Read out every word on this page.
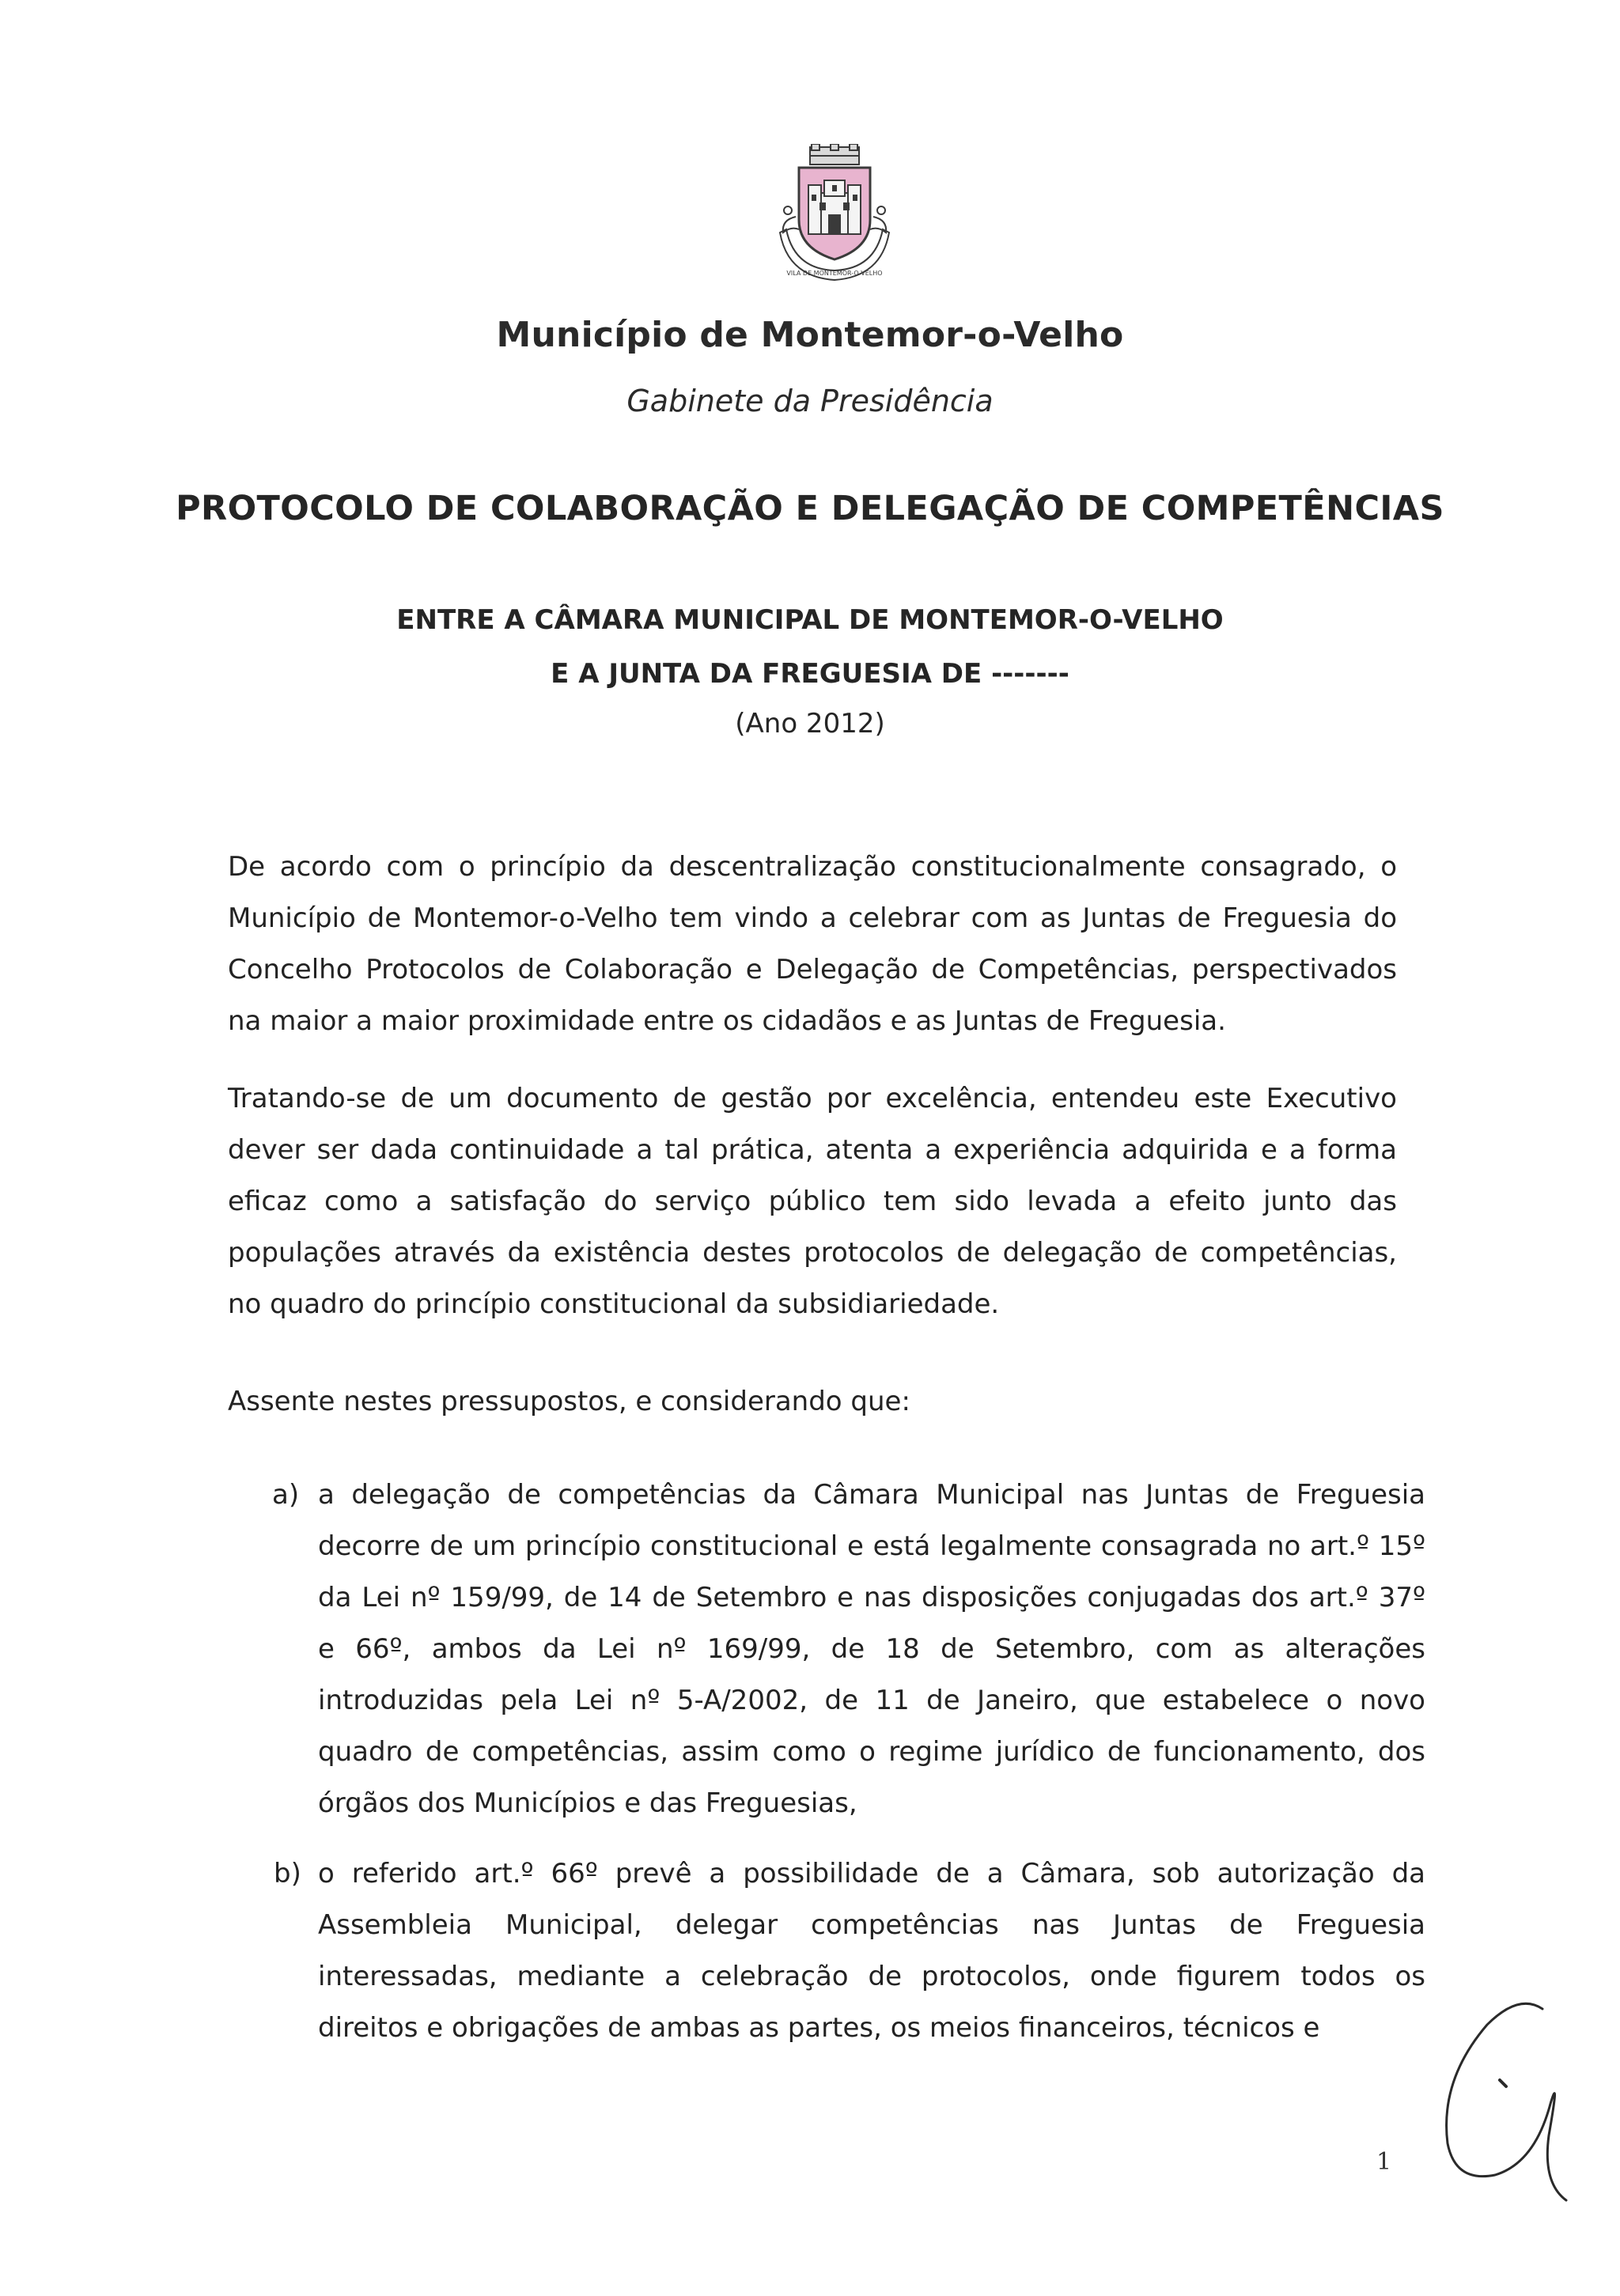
VILA DE MONTEMOR-O-VELHO
Município de Montemor-o-Velho
Gabinete da Presidência
PROTOCOLO DE COLABORAÇÃO E DELEGAÇÃO DE COMPETÊNCIAS
ENTRE A CÂMARA MUNICIPAL DE MONTEMOR-O-VELHO
E A JUNTA DA FREGUESIA DE -------
(Ano 2012)

De acordo com o princípio da descentralização constitucionalmente consagrado, o Município de Montemor-o-Velho tem vindo a celebrar com as Juntas de Freguesia do Concelho Protocolos de Colaboração e Delegação de Competências, perspectivados na maior a maior proximidade entre os cidadãos e as Juntas de Freguesia.

Tratando-se de um documento de gestão por excelência, entendeu este Executivo dever ser dada continuidade a tal prática, atenta a experiência adquirida e a forma eficaz como a satisfação do serviço público tem sido levada a efeito junto das populações através da existência destes protocolos de delegação de competências, no quadro do princípio constitucional da subsidiariedade.

Assente nestes pressupostos, e considerando que:

a) a delegação de competências da Câmara Municipal nas Juntas de Freguesia decorre de um princípio constitucional e está legalmente consagrada no art.º 15º da Lei nº 159/99, de 14 de Setembro e nas disposições conjugadas dos art.º 37º e 66º, ambos da Lei nº 169/99, de 18 de Setembro, com as alterações introduzidas pela Lei nº 5-A/2002, de 11 de Janeiro, que estabelece o novo quadro de competências, assim como o regime jurídico de funcionamento, dos órgãos dos Municípios e das Freguesias,
b) o referido art.º 66º prevê a possibilidade de a Câmara, sob autorização da Assembleia Municipal, delegar competências nas Juntas de Freguesia interessadas, mediante a celebração de protocolos, onde figurem todos os direitos e obrigações de ambas as partes, os meios financeiros, técnicos e
1
